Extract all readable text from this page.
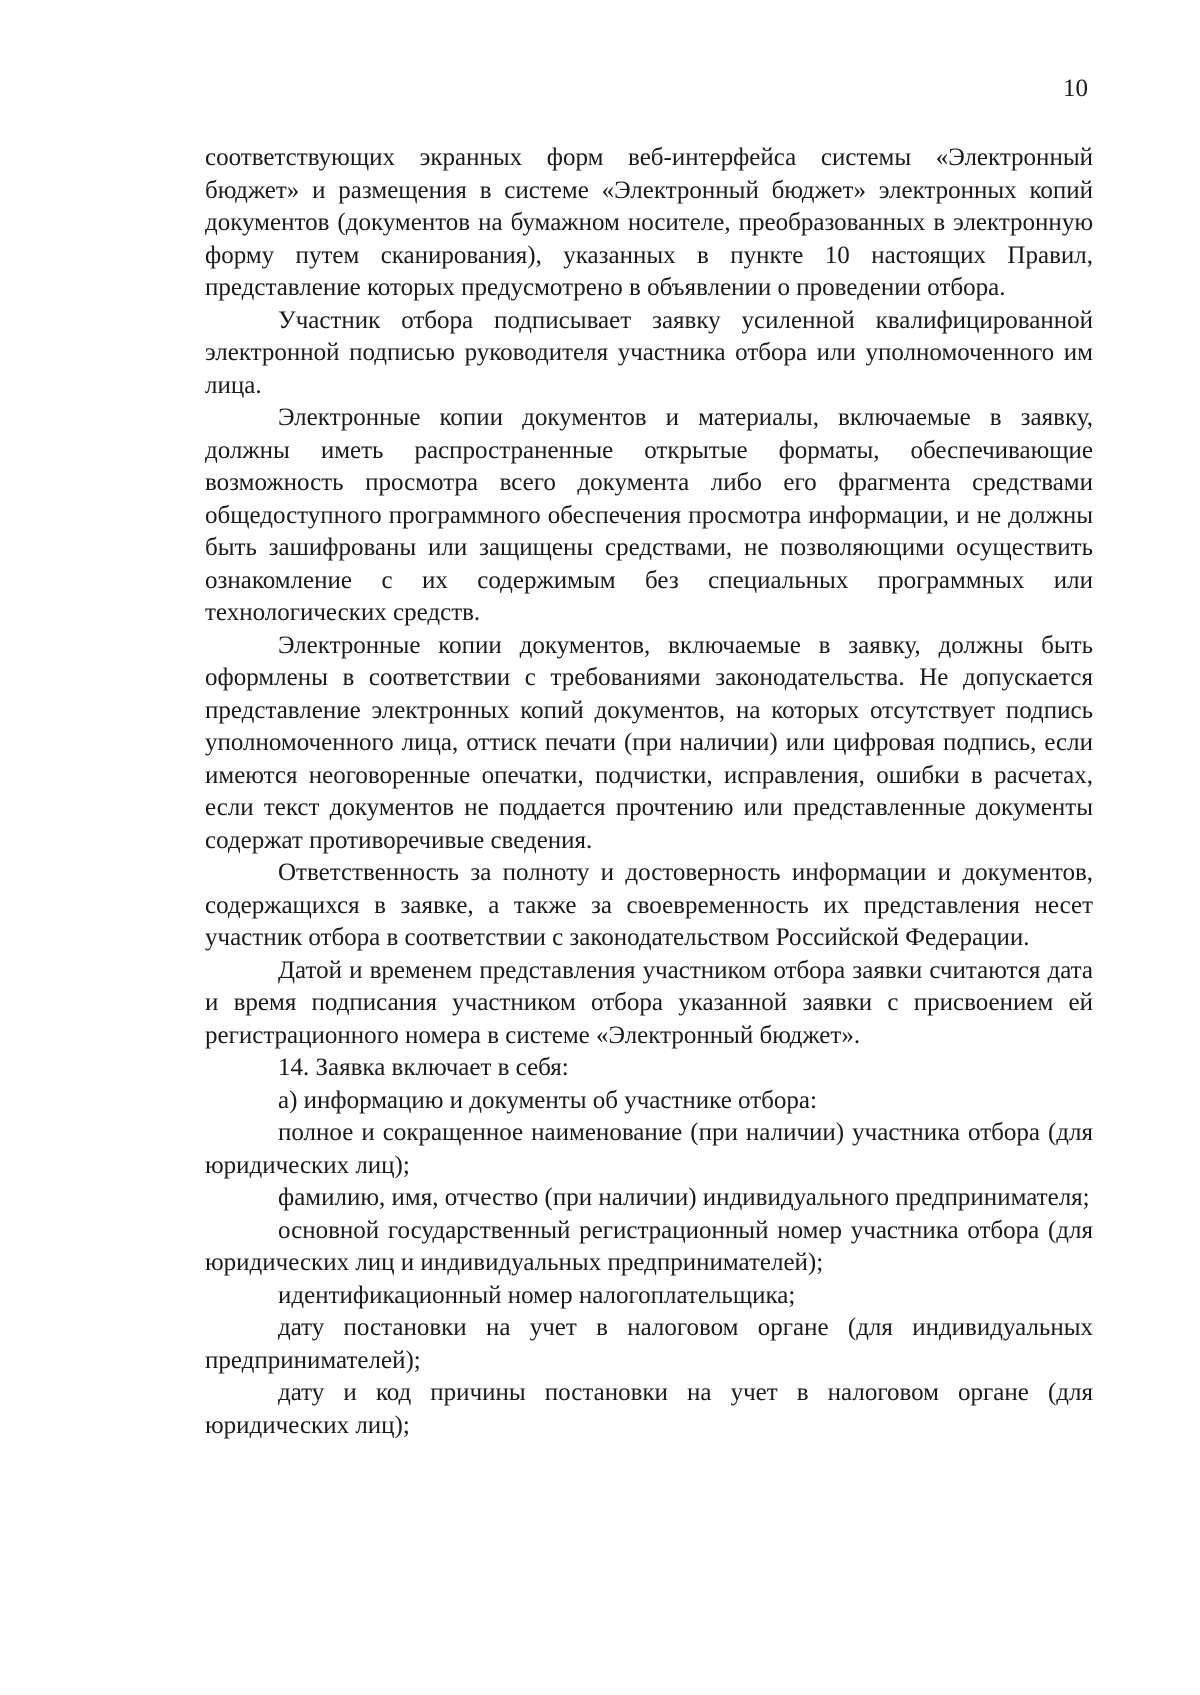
10

соответствующих экранных форм веб-интерфейса системы «Электронный бюджет» и размещения в системе «Электронный бюджет» электронных копий документов (документов на бумажном носителе, преобразованных в электронную форму путем сканирования), указанных в пункте 10 настоящих Правил, представление которых предусмотрено в объявлении о проведении отбора.

Участник отбора подписывает заявку усиленной квалифицированной электронной подписью руководителя участника отбора или уполномоченного им лица.

Электронные копии документов и материалы, включаемые в заявку, должны иметь распространенные открытые форматы, обеспечивающие возможность просмотра всего документа либо его фрагмента средствами общедоступного программного обеспечения просмотра информации, и не должны быть зашифрованы или защищены средствами, не позволяющими осуществить ознакомление с их содержимым без специальных программных или технологических средств.

Электронные копии документов, включаемые в заявку, должны быть оформлены в соответствии с требованиями законодательства. Не допускается представление электронных копий документов, на которых отсутствует подпись уполномоченного лица, оттиск печати (при наличии) или цифровая подпись, если имеются неоговоренные опечатки, подчистки, исправления, ошибки в расчетах, если текст документов не поддается прочтению или представленные документы содержат противоречивые сведения.

Ответственность за полноту и достоверность информации и документов, содержащихся в заявке, а также за своевременность их представления несет участник отбора в соответствии с законодательством Российской Федерации.

Датой и временем представления участником отбора заявки считаются дата и время подписания участником отбора указанной заявки с присвоением ей регистрационного номера в системе «Электронный бюджет».

14. Заявка включает в себя:

а) информацию и документы об участнике отбора:

полное и сокращенное наименование (при наличии) участника отбора (для юридических лиц);

фамилию, имя, отчество (при наличии) индивидуального предпринимателя;

основной государственный регистрационный номер участника отбора (для юридических лиц и индивидуальных предпринимателей);

идентификационный номер налогоплательщика;

дату постановки на учет в налоговом органе (для индивидуальных предпринимателей);

дату и код причины постановки на учет в налоговом органе (для юридических лиц);
